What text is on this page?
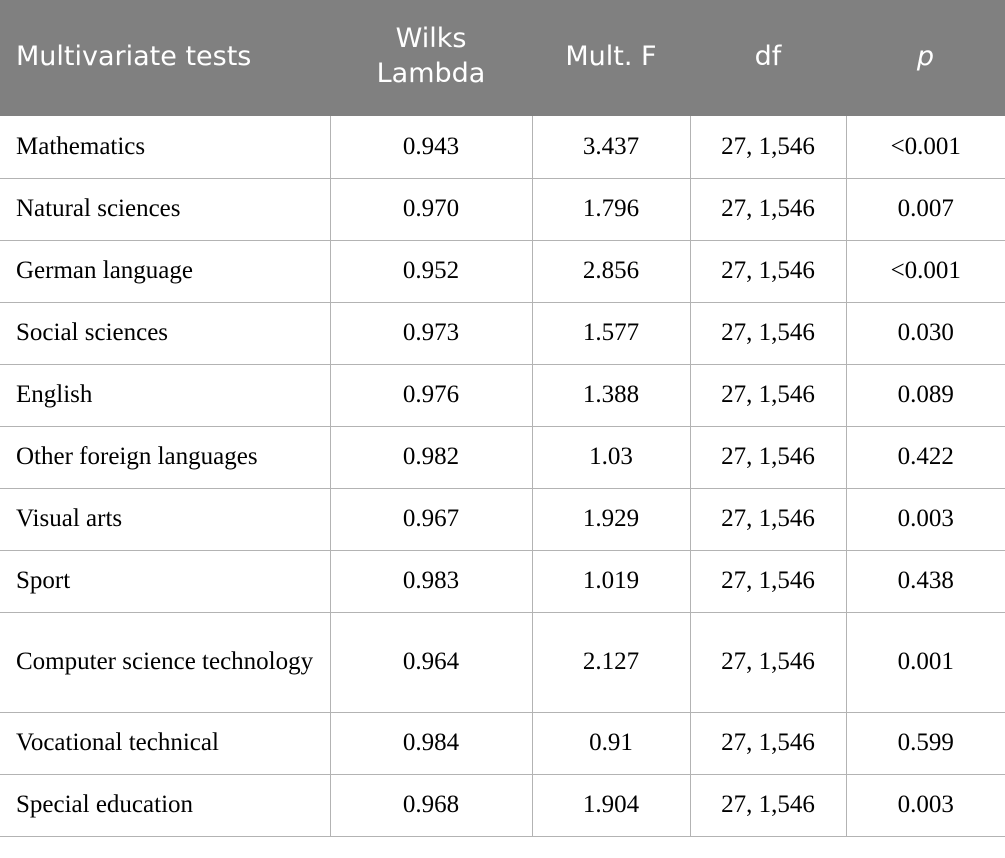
Multivariate tests	Wilks Lambda	Mult. F	df	p
Mathematics	0.943	3.437	27, 1,546	<0.001
Natural sciences	0.970	1.796	27, 1,546	0.007
German language	0.952	2.856	27, 1,546	<0.001
Social sciences	0.973	1.577	27, 1,546	0.030
English	0.976	1.388	27, 1,546	0.089
Other foreign languages	0.982	1.03	27, 1,546	0.422
Visual arts	0.967	1.929	27, 1,546	0.003
Sport	0.983	1.019	27, 1,546	0.438
Computer science technology	0.964	2.127	27, 1,546	0.001
Vocational technical	0.984	0.91	27, 1,546	0.599
Special education	0.968	1.904	27, 1,546	0.003
